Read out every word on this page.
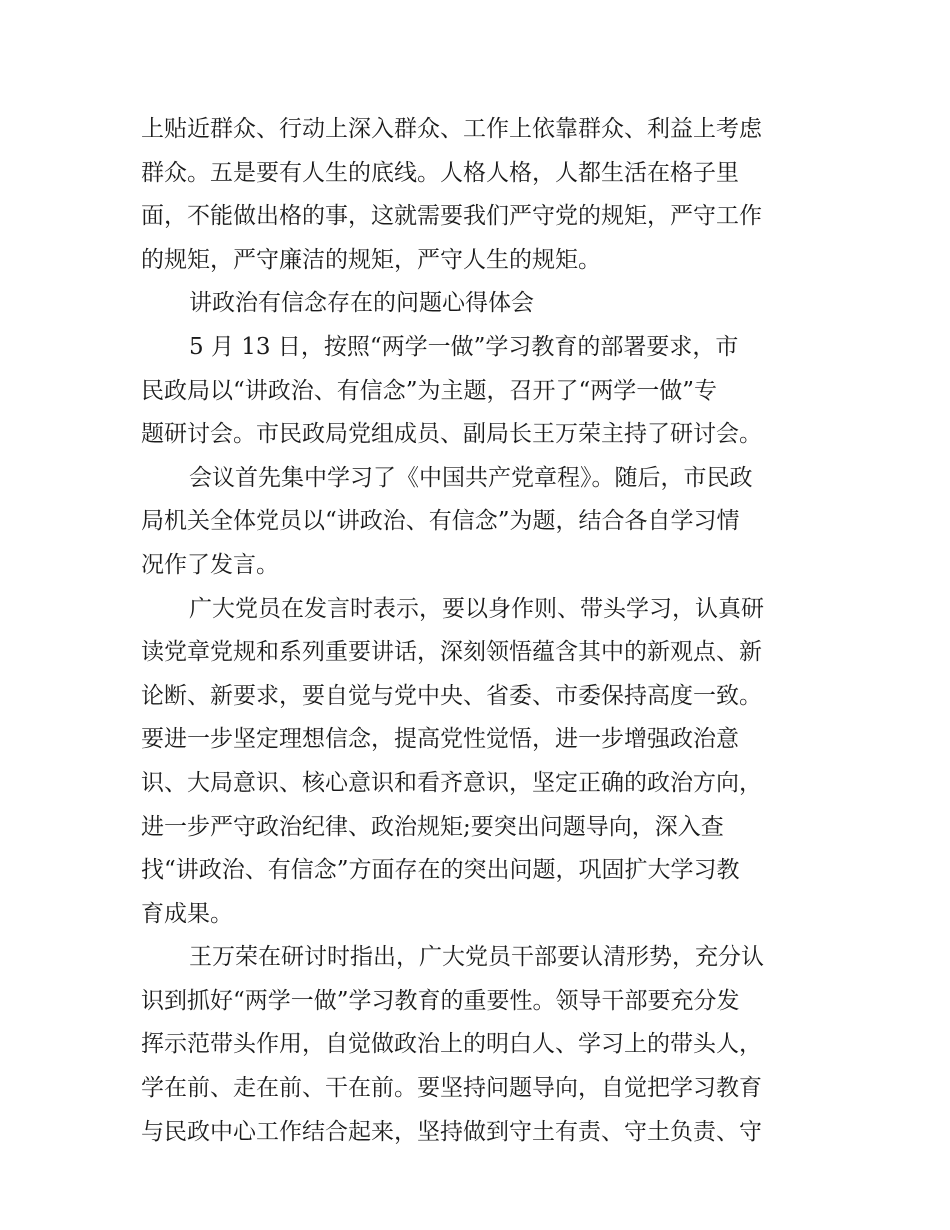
上贴近群众、行动上深入群众、工作上依靠群众、利益上考虑
群众。五是要有人生的底线。人格人格，人都生活在格子里
面，不能做出格的事，这就需要我们严守党的规矩，严守工作
的规矩，严守廉洁的规矩，严守人生的规矩。
讲政治有信念存在的问题心得体会
5 月 13 日，按照“两学一做”学习教育的部署要求，市
民政局以“讲政治、有信念”为主题，召开了“两学一做”专
题研讨会。市民政局党组成员、副局长王万荣主持了研讨会。
会议首先集中学习了《中国共产党章程》。随后，市民政
局机关全体党员以“讲政治、有信念”为题，结合各自学习情
况作了发言。
广大党员在发言时表示，要以身作则、带头学习，认真研
读党章党规和系列重要讲话，深刻领悟蕴含其中的新观点、新
论断、新要求，要自觉与党中央、省委、市委保持高度一致。
要进一步坚定理想信念，提高党性觉悟，进一步增强政治意
识、大局意识、核心意识和看齐意识，坚定正确的政治方向，
进一步严守政治纪律、政治规矩;要突出问题导向，深入查
找“讲政治、有信念”方面存在的突出问题，巩固扩大学习教
育成果。
王万荣在研讨时指出，广大党员干部要认清形势，充分认
识到抓好“两学一做”学习教育的重要性。领导干部要充分发
挥示范带头作用，自觉做政治上的明白人、学习上的带头人，
学在前、走在前、干在前。要坚持问题导向，自觉把学习教育
与民政中心工作结合起来，坚持做到守土有责、守土负责、守
